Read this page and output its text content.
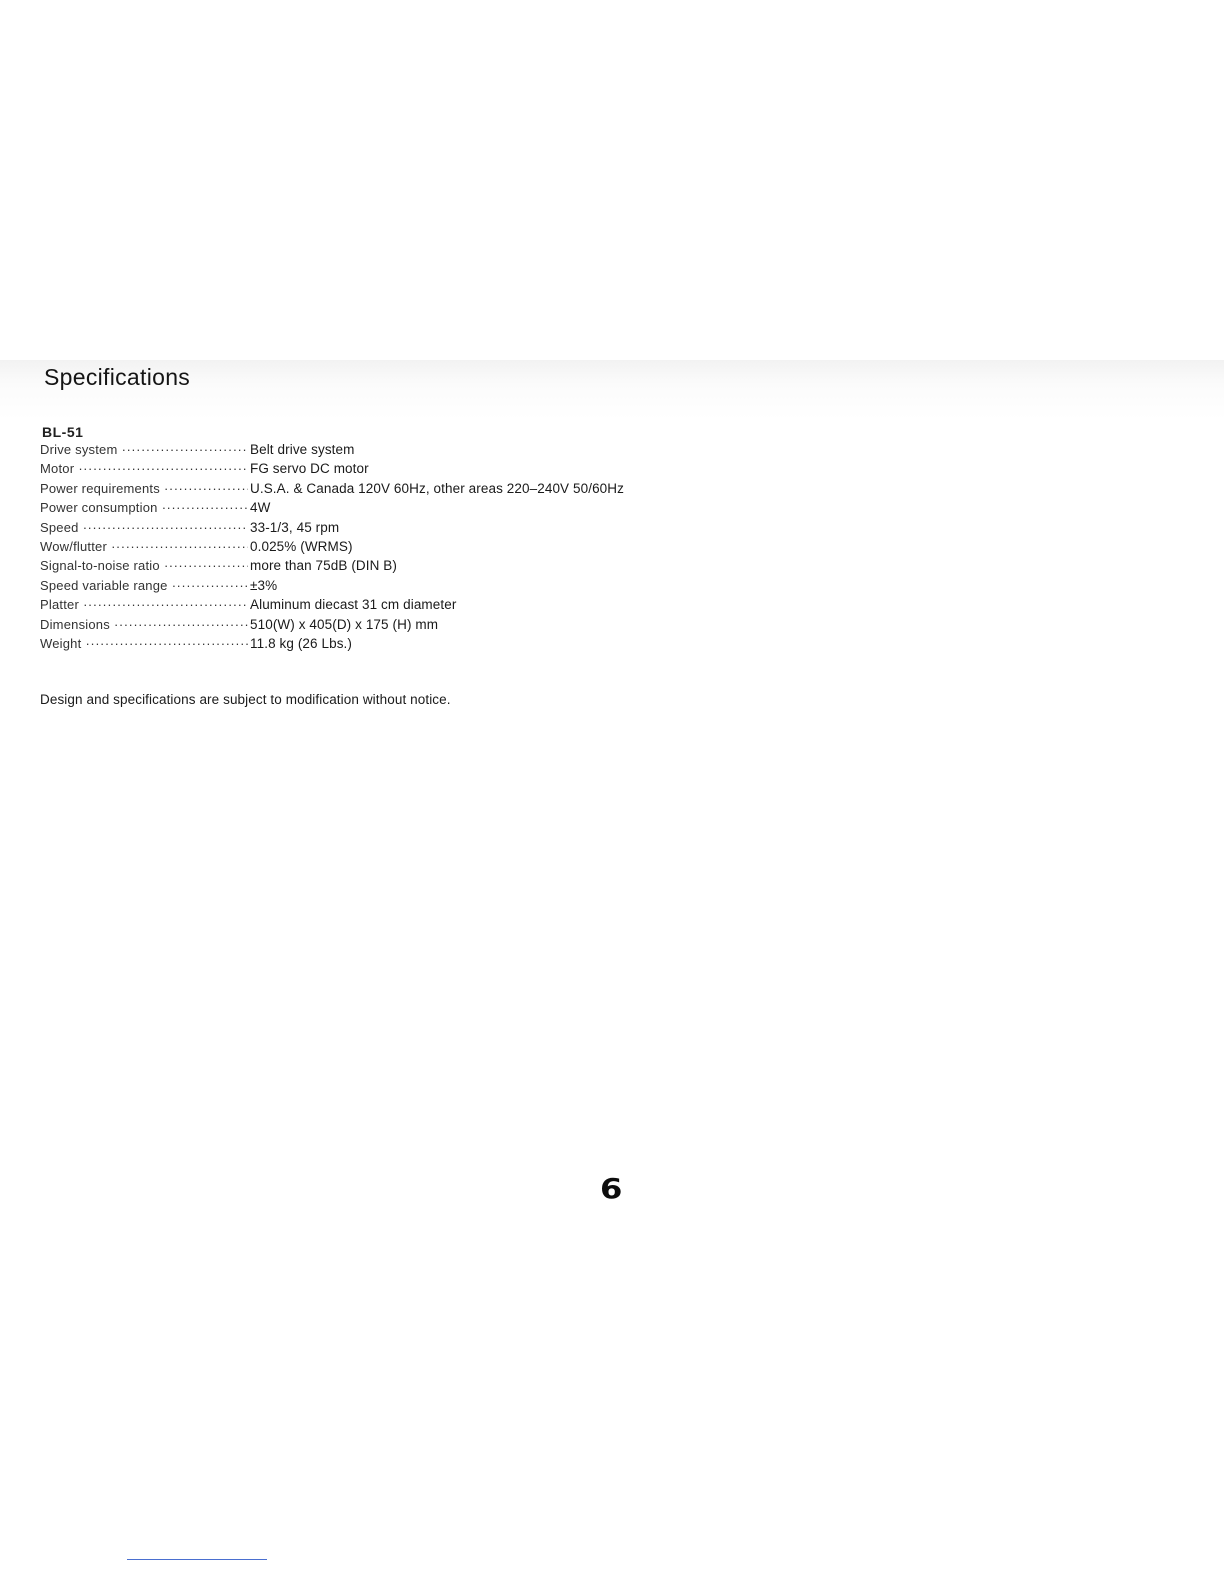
Specifications
BL-51
Drive system ·····	Belt drive system
Motor ·····	FG servo DC motor
Power requirements ·····	U.S.A. & Canada 120V 60Hz, other areas 220–240V 50/60Hz
Power consumption ·····	4W
Speed ·····	33-1/3, 45 rpm
Wow/flutter ·····	0.025% (WRMS)
Signal-to-noise ratio ·····	more than 75dB (DIN B)
Speed variable range ·····	±3%
Platter ·····	Aluminum diecast 31 cm diameter
Dimensions ·····	510(W) x 405(D) x 175 (H) mm
Weight ·····	11.8 kg (26 Lbs.)
Design and specifications are subject to modification without notice.
6
